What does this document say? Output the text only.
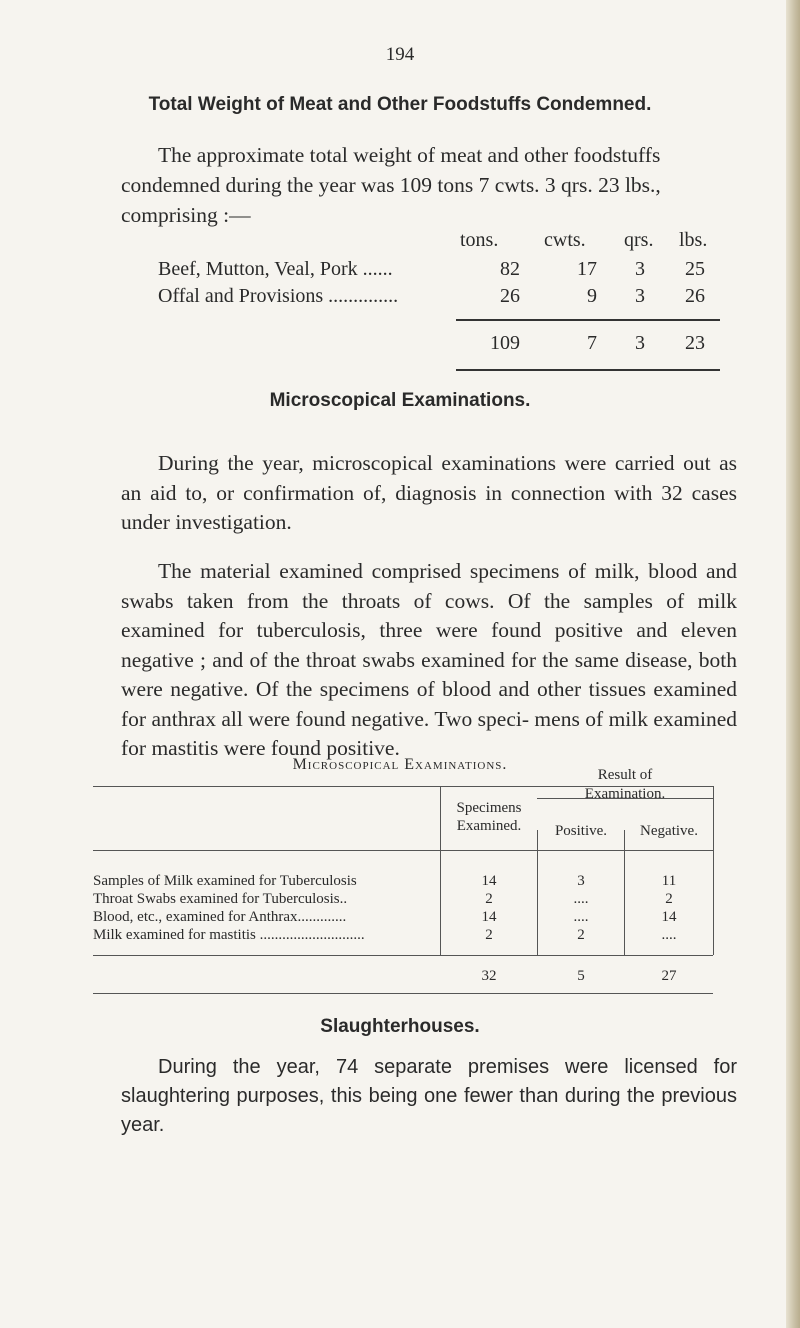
194
Total Weight of Meat and Other Foodstuffs Condemned.
The approximate total weight of meat and other foodstuffs
condemned during the year was 109 tons 7 cwts. 3 qrs. 23 lbs.,
comprising :—
tons. cwts. qrs. lbs.
Beef, Mutton, Veal, Pork ......	82	17	3	25
Offal and Provisions ..............	26	9	3	26
109	7	3	23
Microscopical Examinations.

During the year, microscopical examinations were carried out as an aid to, or confirmation of, diagnosis in connection with 32 cases under investigation.

The material examined comprised specimens of milk, blood and swabs taken from the throats of cows. Of the samples of milk examined for tuberculosis, three were found positive and eleven negative ; and of the throat swabs examined for the same disease, both were negative. Of the specimens of blood and other tissues examined for anthrax all were found negative. Two speci- mens of milk examined for mastitis were found positive.

Microscopical Examinations.
Specimens
Examined.
Result of
Examination.
Positive.	Negative.
Samples of Milk examined for Tuberculosis	14	3	11
Throat Swabs examined for Tuberculosis..	2	....	2
Blood, etc., examined for Anthrax.............	14	....	14
Milk examined for mastitis ............................	2	2	....
32	5	27
Slaughterhouses.

During the year, 74 separate premises were licensed for slaughtering purposes, this being one fewer than during the previous year.
